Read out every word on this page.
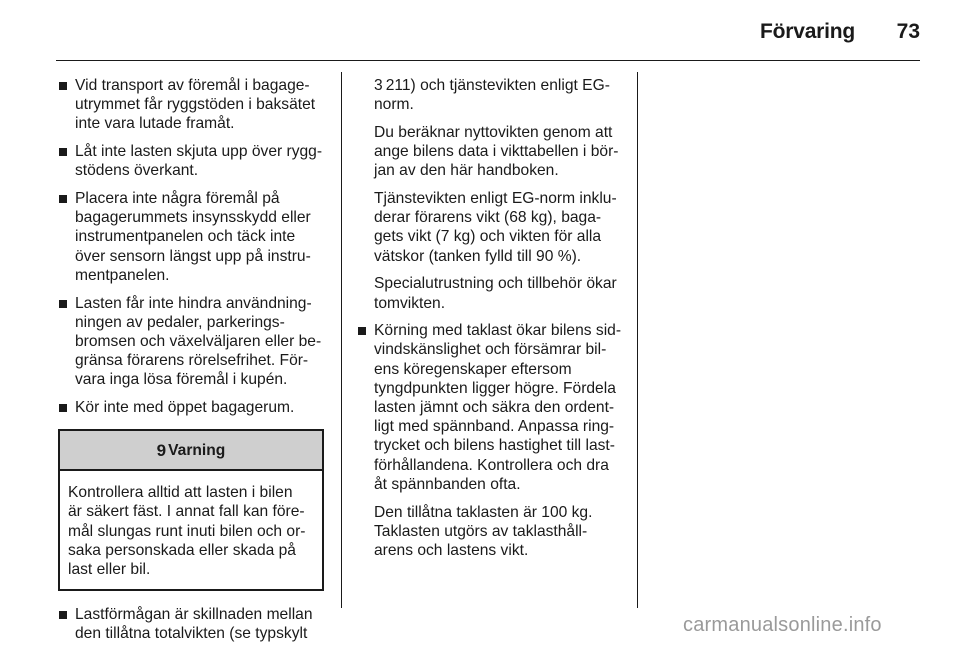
Förvaring	73
Vid transport av föremål i bagage-
utrymmet får ryggstöden i baksätet
inte vara lutade framåt.
Låt inte lasten skjuta upp över rygg-
stödens överkant.
Placera inte några föremål på
bagagerummets insynsskydd eller
instrumentpanelen och täck inte
över sensorn längst upp på instru-
mentpanelen.
Lasten får inte hindra användning-
ningen av pedaler, parkerings-
bromsen och växelväljaren eller be-
gränsa förarens rörelsefrihet. För-
vara inga lösa föremål i kupén.
Kör inte med öppet bagagerum.
9 Varning
Kontrollera alltid att lasten i bilen
är säkert fäst. I annat fall kan före-
mål slungas runt inuti bilen och or-
saka personskada eller skada på
last eller bil.
Lastförmågan är skillnaden mellan
den tillåtna totalvikten (se typskylt
3 211) och tjänstevikten enligt EG-
norm.
Du beräknar nyttovikten genom att
ange bilens data i vikttabellen i bör-
jan av den här handboken.
Tjänstevikten enligt EG-norm inklu-
derar förarens vikt (68 kg), baga-
gets vikt (7 kg) och vikten för alla
vätskor (tanken fylld till 90 %).
Specialutrustning och tillbehör ökar
tomvikten.
Körning med taklast ökar bilens sid-
vindskänslighet och försämrar bil-
ens köregenskaper eftersom
tyngdpunkten ligger högre. Fördela
lasten jämnt och säkra den ordent-
ligt med spännband. Anpassa ring-
trycket och bilens hastighet till last-
förhållandena. Kontrollera och dra
åt spännbanden ofta.
Den tillåtna taklasten är 100 kg.
Taklasten utgörs av taklasthåll-
arens och lastens vikt.
carmanualsonline.info
